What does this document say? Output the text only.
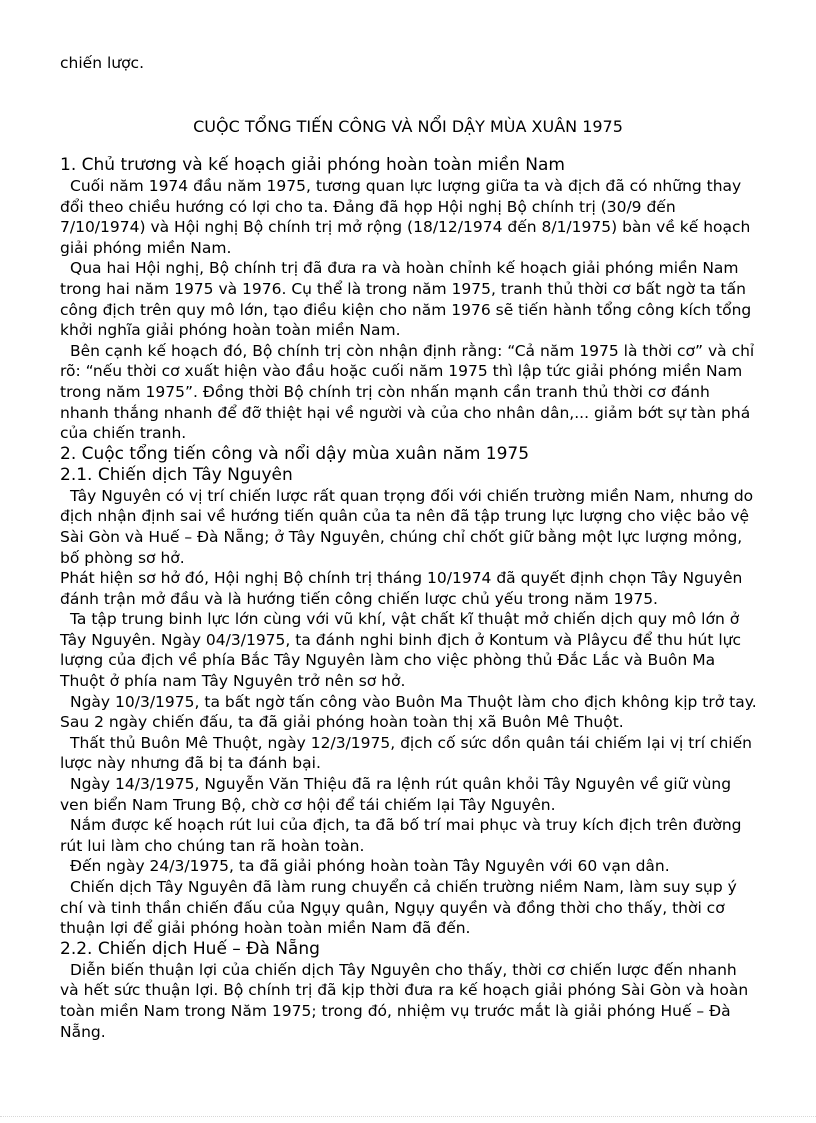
chiến lược.

CUỘC TỔNG TIẾN CÔNG VÀ NỔI DẬY MÙA XUÂN 1975

1. Chủ trương và kế hoạch giải phóng hoàn toàn miền Nam

Cuối năm 1974 đầu năm 1975, tương quan lực lượng giữa ta và địch đã có những thay đổi theo chiều hướng có lợi cho ta. Đảng đã họp Hội nghị Bộ chính trị (30/9 đến 7/10/1974) và Hội nghị Bộ chính trị mở rộng (18/12/1974 đến 8/1/1975) bàn về kế hoạch giải phóng miền Nam.

Qua hai Hội nghị, Bộ chính trị đã đưa ra và hoàn chỉnh kế hoạch giải phóng miền Nam trong hai năm 1975 và 1976. Cụ thể là trong năm 1975, tranh thủ thời cơ bất ngờ ta tấn công địch trên quy mô lớn, tạo điều kiện cho năm 1976 sẽ tiến hành tổng công kích tổng khởi nghĩa giải phóng hoàn toàn miền Nam.

Bên cạnh kế hoạch đó, Bộ chính trị còn nhận định rằng: “Cả năm 1975 là thời cơ” và chỉ rõ: “nếu thời cơ xuất hiện vào đầu hoặc cuối năm 1975 thì lập tức giải phóng miền Nam trong năm 1975”. Đồng thời Bộ chính trị còn nhấn mạnh cần tranh thủ thời cơ đánh nhanh thắng nhanh để đỡ thiệt hại về người và của cho nhân dân,... giảm bớt sự tàn phá của chiến tranh.

2. Cuộc tổng tiến công và nổi dậy mùa xuân năm 1975

2.1. Chiến dịch Tây Nguyên

Tây Nguyên có vị trí chiến lược rất quan trọng đối với chiến trường miền Nam, nhưng do địch nhận định sai về hướng tiến quân của ta nên đã tập trung lực lượng cho việc bảo vệ Sài Gòn và Huế – Đà Nẵng; ở Tây Nguyên, chúng chỉ chốt giữ bằng một lực lượng mỏng, bố phòng sơ hở.

Phát hiện sơ hở đó, Hội nghị Bộ chính trị tháng 10/1974 đã quyết định chọn Tây Nguyên đánh trận mở đầu và là hướng tiến công chiến lược chủ yếu trong năm 1975.

Ta tập trung binh lực lớn cùng với vũ khí, vật chất kĩ thuật mở chiến dịch quy mô lớn ở Tây Nguyên. Ngày 04/3/1975, ta đánh nghi binh địch ở Kontum và Plâycu để thu hút lực lượng của địch về phía Bắc Tây Nguyên làm cho việc phòng thủ Đắc Lắc và Buôn Ma Thuột ở phía nam Tây Nguyên trở nên sơ hở.

Ngày 10/3/1975, ta bất ngờ tấn công vào Buôn Ma Thuột làm cho địch không kịp trở tay. Sau 2 ngày chiến đấu, ta đã giải phóng hoàn toàn thị xã Buôn Mê Thuột.

Thất thủ Buôn Mê Thuột, ngày 12/3/1975, địch cố sức dồn quân tái chiếm lại vị trí chiến lược này nhưng đã bị ta đánh bại.

Ngày 14/3/1975, Nguyễn Văn Thiệu đã ra lệnh rút quân khỏi Tây Nguyên về giữ vùng ven biển Nam Trung Bộ, chờ cơ hội để tái chiếm lại Tây Nguyên.

Nắm được kế hoạch rút lui của địch, ta đã bố trí mai phục và truy kích địch trên đường rút lui làm cho chúng tan rã hoàn toàn.

Đến ngày 24/3/1975, ta đã giải phóng hoàn toàn Tây Nguyên với 60 vạn dân.

Chiến dịch Tây Nguyên đã làm rung chuyển cả chiến trường niềm Nam, làm suy sụp ý chí và tinh thần chiến đấu của Ngụy quân, Ngụy quyền và đồng thời cho thấy, thời cơ thuận lợi để giải phóng hoàn toàn miền Nam đã đến.

2.2. Chiến dịch Huế – Đà Nẵng

Diễn biến thuận lợi của chiến dịch Tây Nguyên cho thấy, thời cơ chiến lược đến nhanh và hết sức thuận lợi. Bộ chính trị đã kịp thời đưa ra kế hoạch giải phóng Sài Gòn và hoàn toàn miền Nam trong Năm 1975; trong đó, nhiệm vụ trước mắt là giải phóng Huế – Đà Nẵng.
